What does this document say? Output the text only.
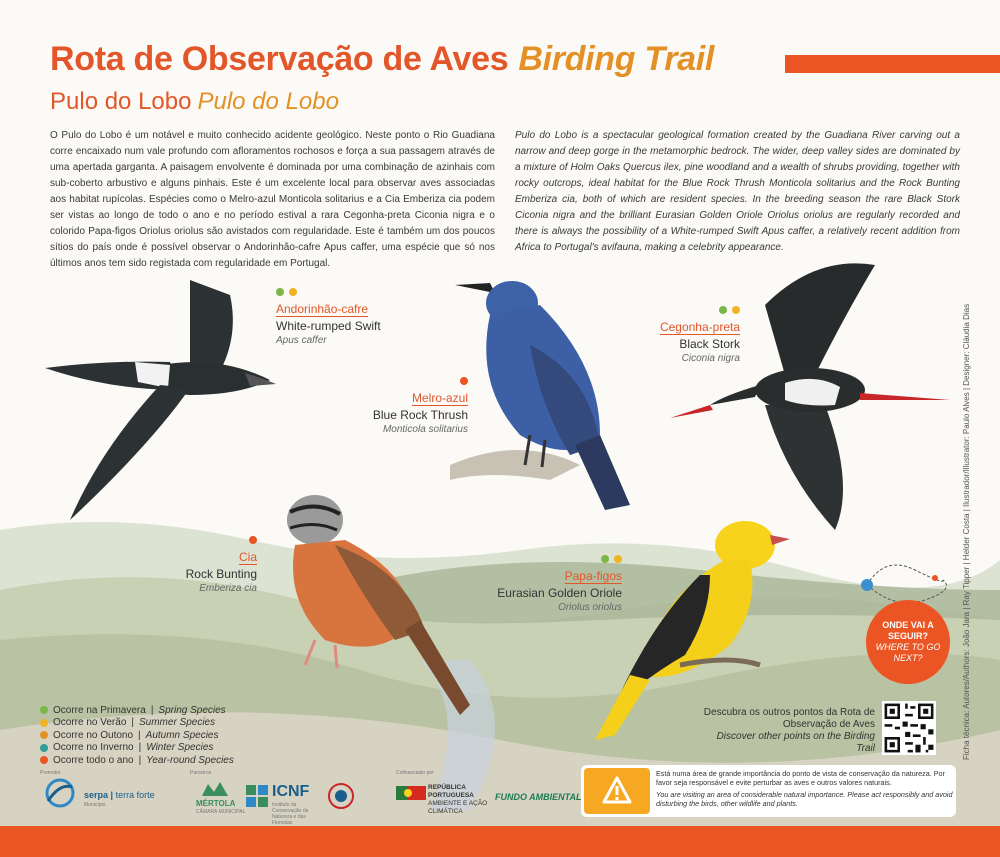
Rota de Observação de Aves Birding Trail
Pulo do Lobo Pulo do Lobo
O Pulo do Lobo é um notável e muito conhecido acidente geológico. Neste ponto o Rio Guadiana corre encaixado num vale profundo com afloramentos rochosos e força a sua passagem através de uma apertada garganta. A paisagem envolvente é dominada por uma combinação de azinhais com sub-coberto arbustivo e alguns pinhais. Este é um excelente local para observar aves associadas aos habitat rupícolas. Espécies como o Melro-azul Monticola solitarius e a Cia Emberiza cia podem ser vistas ao longo de todo o ano e no período estival a rara Cegonha-preta Ciconia nigra e o colorido Papa-figos Oriolus oriolus são avistados com regularidade. Este é também um dos poucos sítios do país onde é possível observar o Andorinhão-cafre Apus caffer, uma espécie que só nos últimos anos tem sido registada com regularidade em Portugal.
Pulo do Lobo is a spectacular geological formation created by the Guadiana River carving out a narrow and deep gorge in the metamorphic bedrock. The wider, deep valley sides are dominated by a mixture of Holm Oaks Quercus ilex, pine woodland and a wealth of shrubs providing, together with rocky outcrops, ideal habitat for the Blue Rock Thrush Monticola solitarius and the Rock Bunting Emberiza cia, both of which are resident species. In the breeding season the rare Black Stork Ciconia nigra and the brilliant Eurasian Golden Oriole Oriolus oriolus are regularly recorded and there is always the possibility of a White-rumped Swift Apus caffer, a relatively recent addition from Africa to Portugal's avifauna, making a celebrity appearance.
Andorinhão-cafre
White-rumped Swift
Apus caffer
Melro-azul
Blue Rock Thrush
Monticola solitarius
Cegonha-preta
Black Stork
Ciconia nigra
Cia
Rock Bunting
Emberiza cia
Papa-figos
Eurasian Golden Oriole
Oriolus oriolus	Ficha técnica: Autores/Authors: João Jara | Ray Tipper | Helder Costa | Ilustrador/Illustrator: Paulo Alves | Designer: Cláudia Dias
ONDE VAI A SEGUIR?
WHERE TO GO NEXT?
Descubra os outros pontos da Rota de Observação de Aves
Discover other points on the Birding Trail
Ocorre na Primavera | Spring Species
Ocorre no Verão | Summer Species
Ocorre no Outono | Autumn Species
Ocorre no Inverno | Winter Species
Ocorre todo o ano | Year-round Species
Promotor
serpa | terra forte
Município
Parceiros
MÉRTOLA
CÂMARA MUNICIPAL
ICNF
Instituto da Conservação da Natureza e das Florestas
Cofinanciado por
REPÚBLICA PORTUGUESA
AMBIENTE E AÇÃO CLIMÁTICA
FUNDO AMBIENTAL
Está numa área de grande importância do ponto de vista de conservação da natureza. Por favor seja responsável e evite perturbar as aves e outros valores naturais.
You are visiting an area of considerable natural importance. Please act responsibly and avoid disturbing the birds, other wildlife and plants.
